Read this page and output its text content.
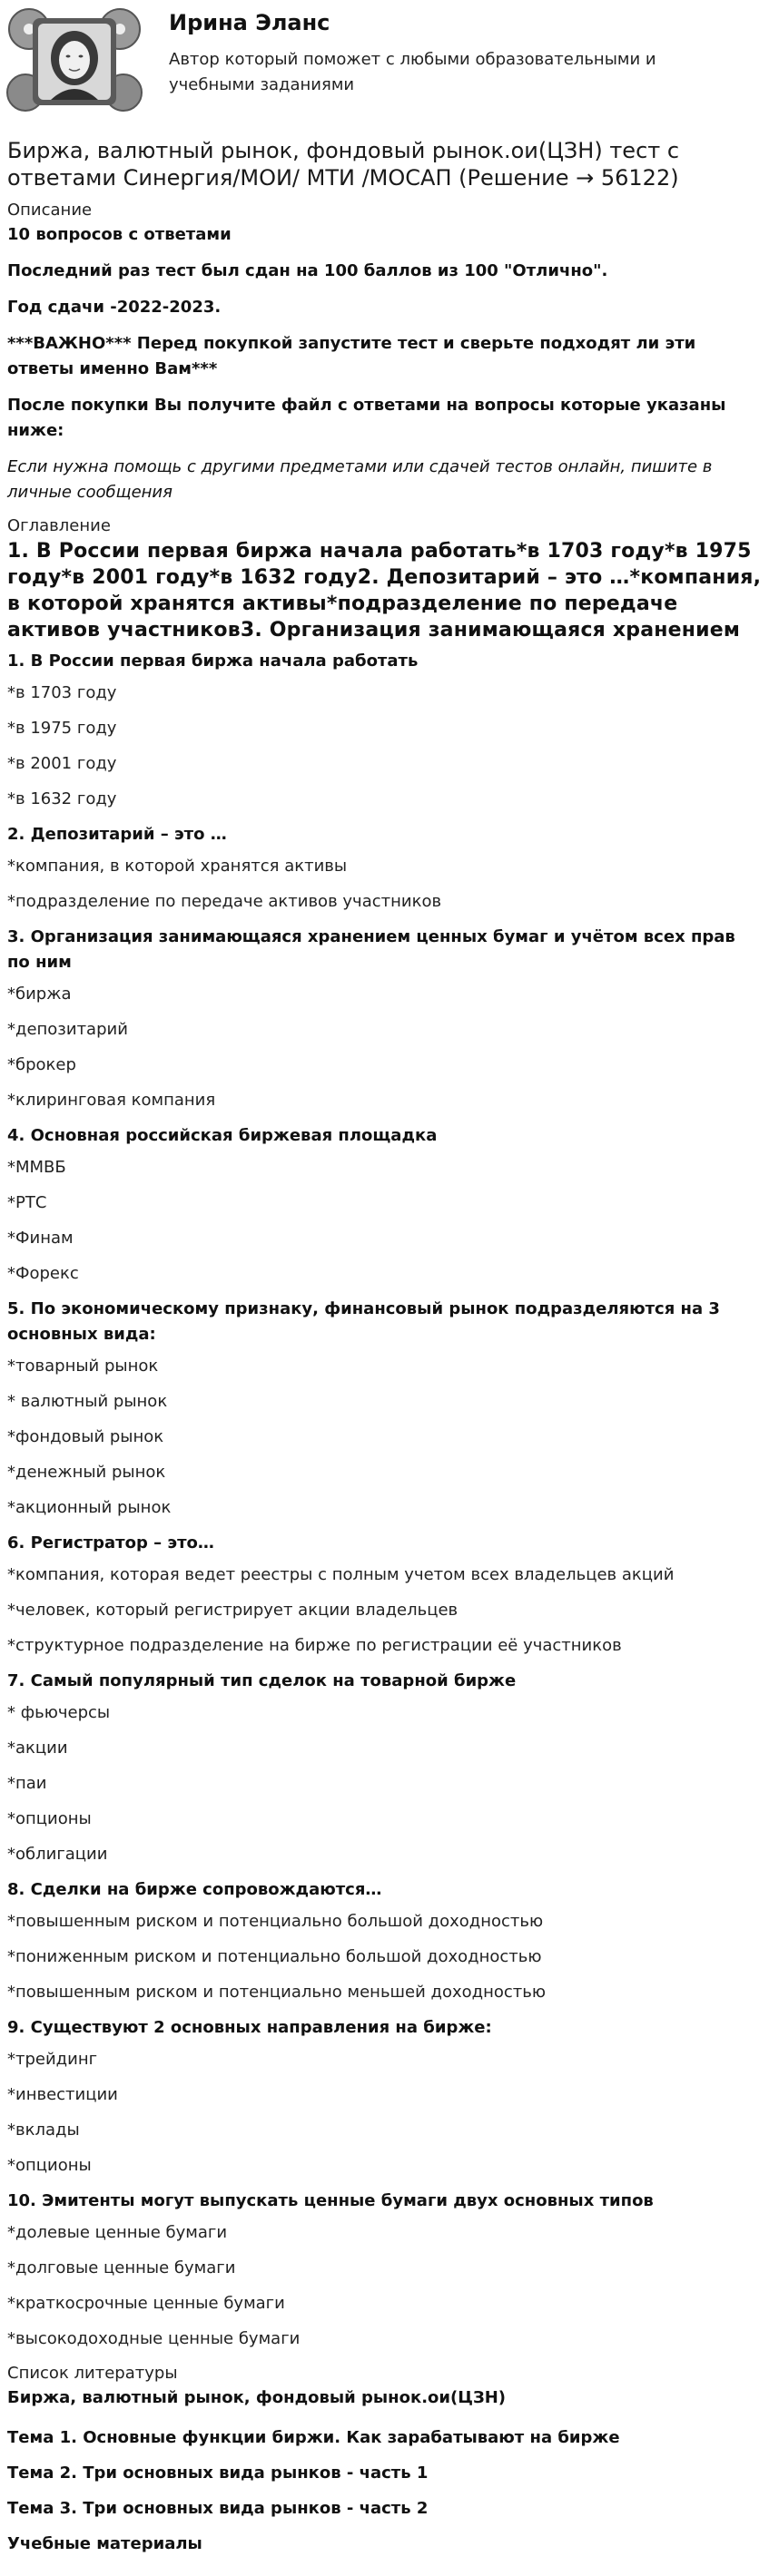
Ирина Эланс

Автор который поможет с любыми образовательными и учебными заданиями

Биржа, валютный рынок, фондовый рынок.ои(ЦЗН) тест с ответами Синергия/МОИ/ МТИ /МОСАП (Решение → 56122)
Описание

10 вопросов с ответами

Последний раз тест был сдан на 100 баллов из 100 "Отлично".

Год сдачи -2022-2023.

***ВАЖНО*** Перед покупкой запустите тест и сверьте подходят ли эти ответы именно Вам***

После покупки Вы получите файл с ответами на вопросы которые указаны ниже:

Если нужна помощь с другими предметами или сдачей тестов онлайн, пишите в личные сообщения

Оглавление
1. В России первая биржа начала работать*в 1703 году*в 1975 году*в 2001 году*в 1632 году2. Депозитарий – это …*компания, в которой хранятся активы*подразделение по передаче активов участников3. Организация занимающаяся хранением
1. В России первая биржа начала работать
*в 1703 году
*в 1975 году
*в 2001 году
*в 1632 году
2. Депозитарий – это …
*компания, в которой хранятся активы
*подразделение по передаче активов участников
3. Организация занимающаяся хранением ценных бумаг и учётом всех прав по ним
*биржа
*депозитарий
*брокер
*клиринговая компания
4. Основная российская биржевая площадка
*ММВБ
*РТС
*Финам
*Форекс
5. По экономическому признаку, финансовый рынок подразделяются на 3 основных вида:
*товарный рынок
* валютный рынок
*фондовый рынок
*денежный рынок
*акционный рынок
6. Регистратор – это…
*компания, которая ведет реестры с полным учетом всех владельцев акций
*человек, который регистрирует акции владельцев
*структурное подразделение на бирже по регистрации её участников
7. Самый популярный тип сделок на товарной бирже
* фьючерсы
*акции
*паи
*опционы
*облигации
8. Сделки на бирже сопровождаются…
*повышенным риском и потенциально большой доходностью
*пониженным риском и потенциально большой доходностью
*повышенным риском и потенциально меньшей доходностью
9. Существуют 2 основных направления на бирже:
*трейдинг
*инвестиции
*вклады
*опционы
10. Эмитенты могут выпускать ценные бумаги двух основных типов
*долевые ценные бумаги
*долговые ценные бумаги
*краткосрочные ценные бумаги
*высокодоходные ценные бумаги
Список литературы
Биржа, валютный рынок, фондовый рынок.ои(ЦЗН)
Тема 1. Основные функции биржи. Как зарабатывают на бирже
Тема 2. Три основных вида рынков - часть 1
Тема 3. Три основных вида рынков - часть 2
Учебные материалы
